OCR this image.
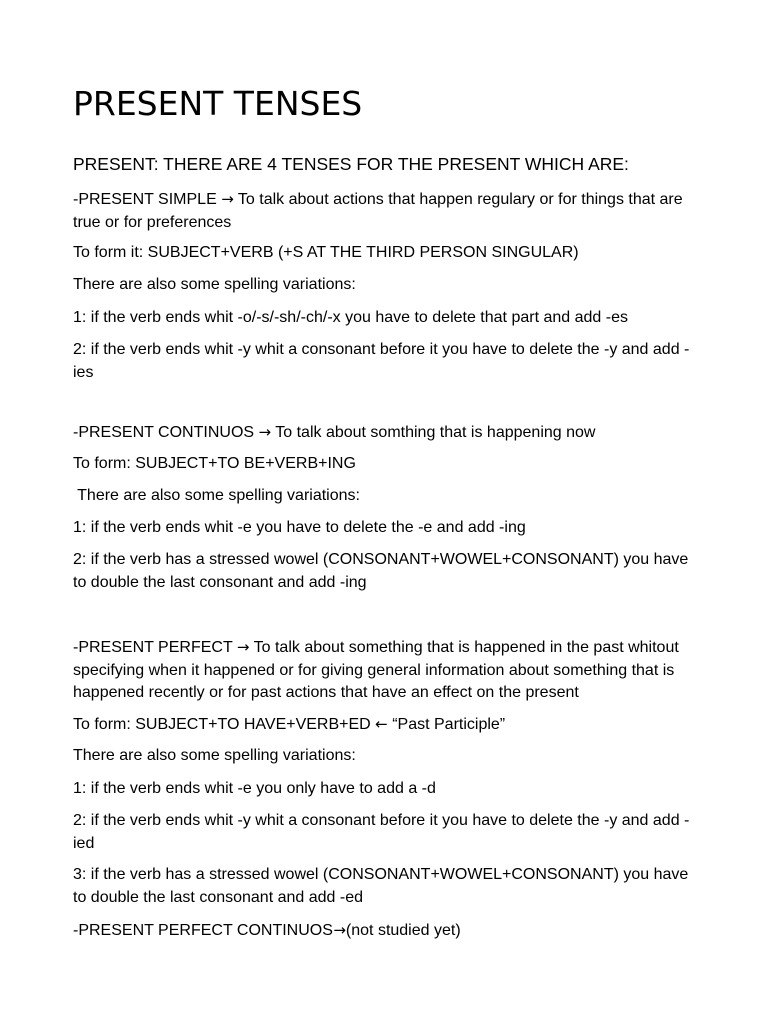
PRESENT TENSES
PRESENT: THERE ARE 4 TENSES FOR THE PRESENT WHICH ARE:
-PRESENT SIMPLE → To talk about actions that happen regulary or for things that are true or for preferences
To form it: SUBJECT+VERB (+S AT THE THIRD PERSON SINGULAR)
There are also some spelling variations:
1: if the verb ends whit -o/-s/-sh/-ch/-x you have to delete that part and add -es
2: if the verb ends whit -y whit a consonant before it you have to delete the -y and add -ies
-PRESENT CONTINUOS → To talk about somthing that is happening now
To form: SUBJECT+TO BE+VERB+ING
There are also some spelling variations:
1: if the verb ends whit -e you have to delete the -e and add -ing
2: if the verb has a stressed wowel (CONSONANT+WOWEL+CONSONANT) you have to double the last consonant and add -ing
-PRESENT PERFECT → To talk about something that is happened in the past whitout specifying when it happened or for giving general information about something that is happened recently or for past actions that have an effect on the present
To form: SUBJECT+TO HAVE+VERB+ED ← “Past Participle”
There are also some spelling variations:
1: if the verb ends whit -e you only have to add a -d
2: if the verb ends whit -y whit a consonant before it you have to delete the -y and add -ied
3: if the verb has a stressed wowel (CONSONANT+WOWEL+CONSONANT) you have to double the last consonant and add -ed
-PRESENT PERFECT CONTINUOS →(not studied yet)
